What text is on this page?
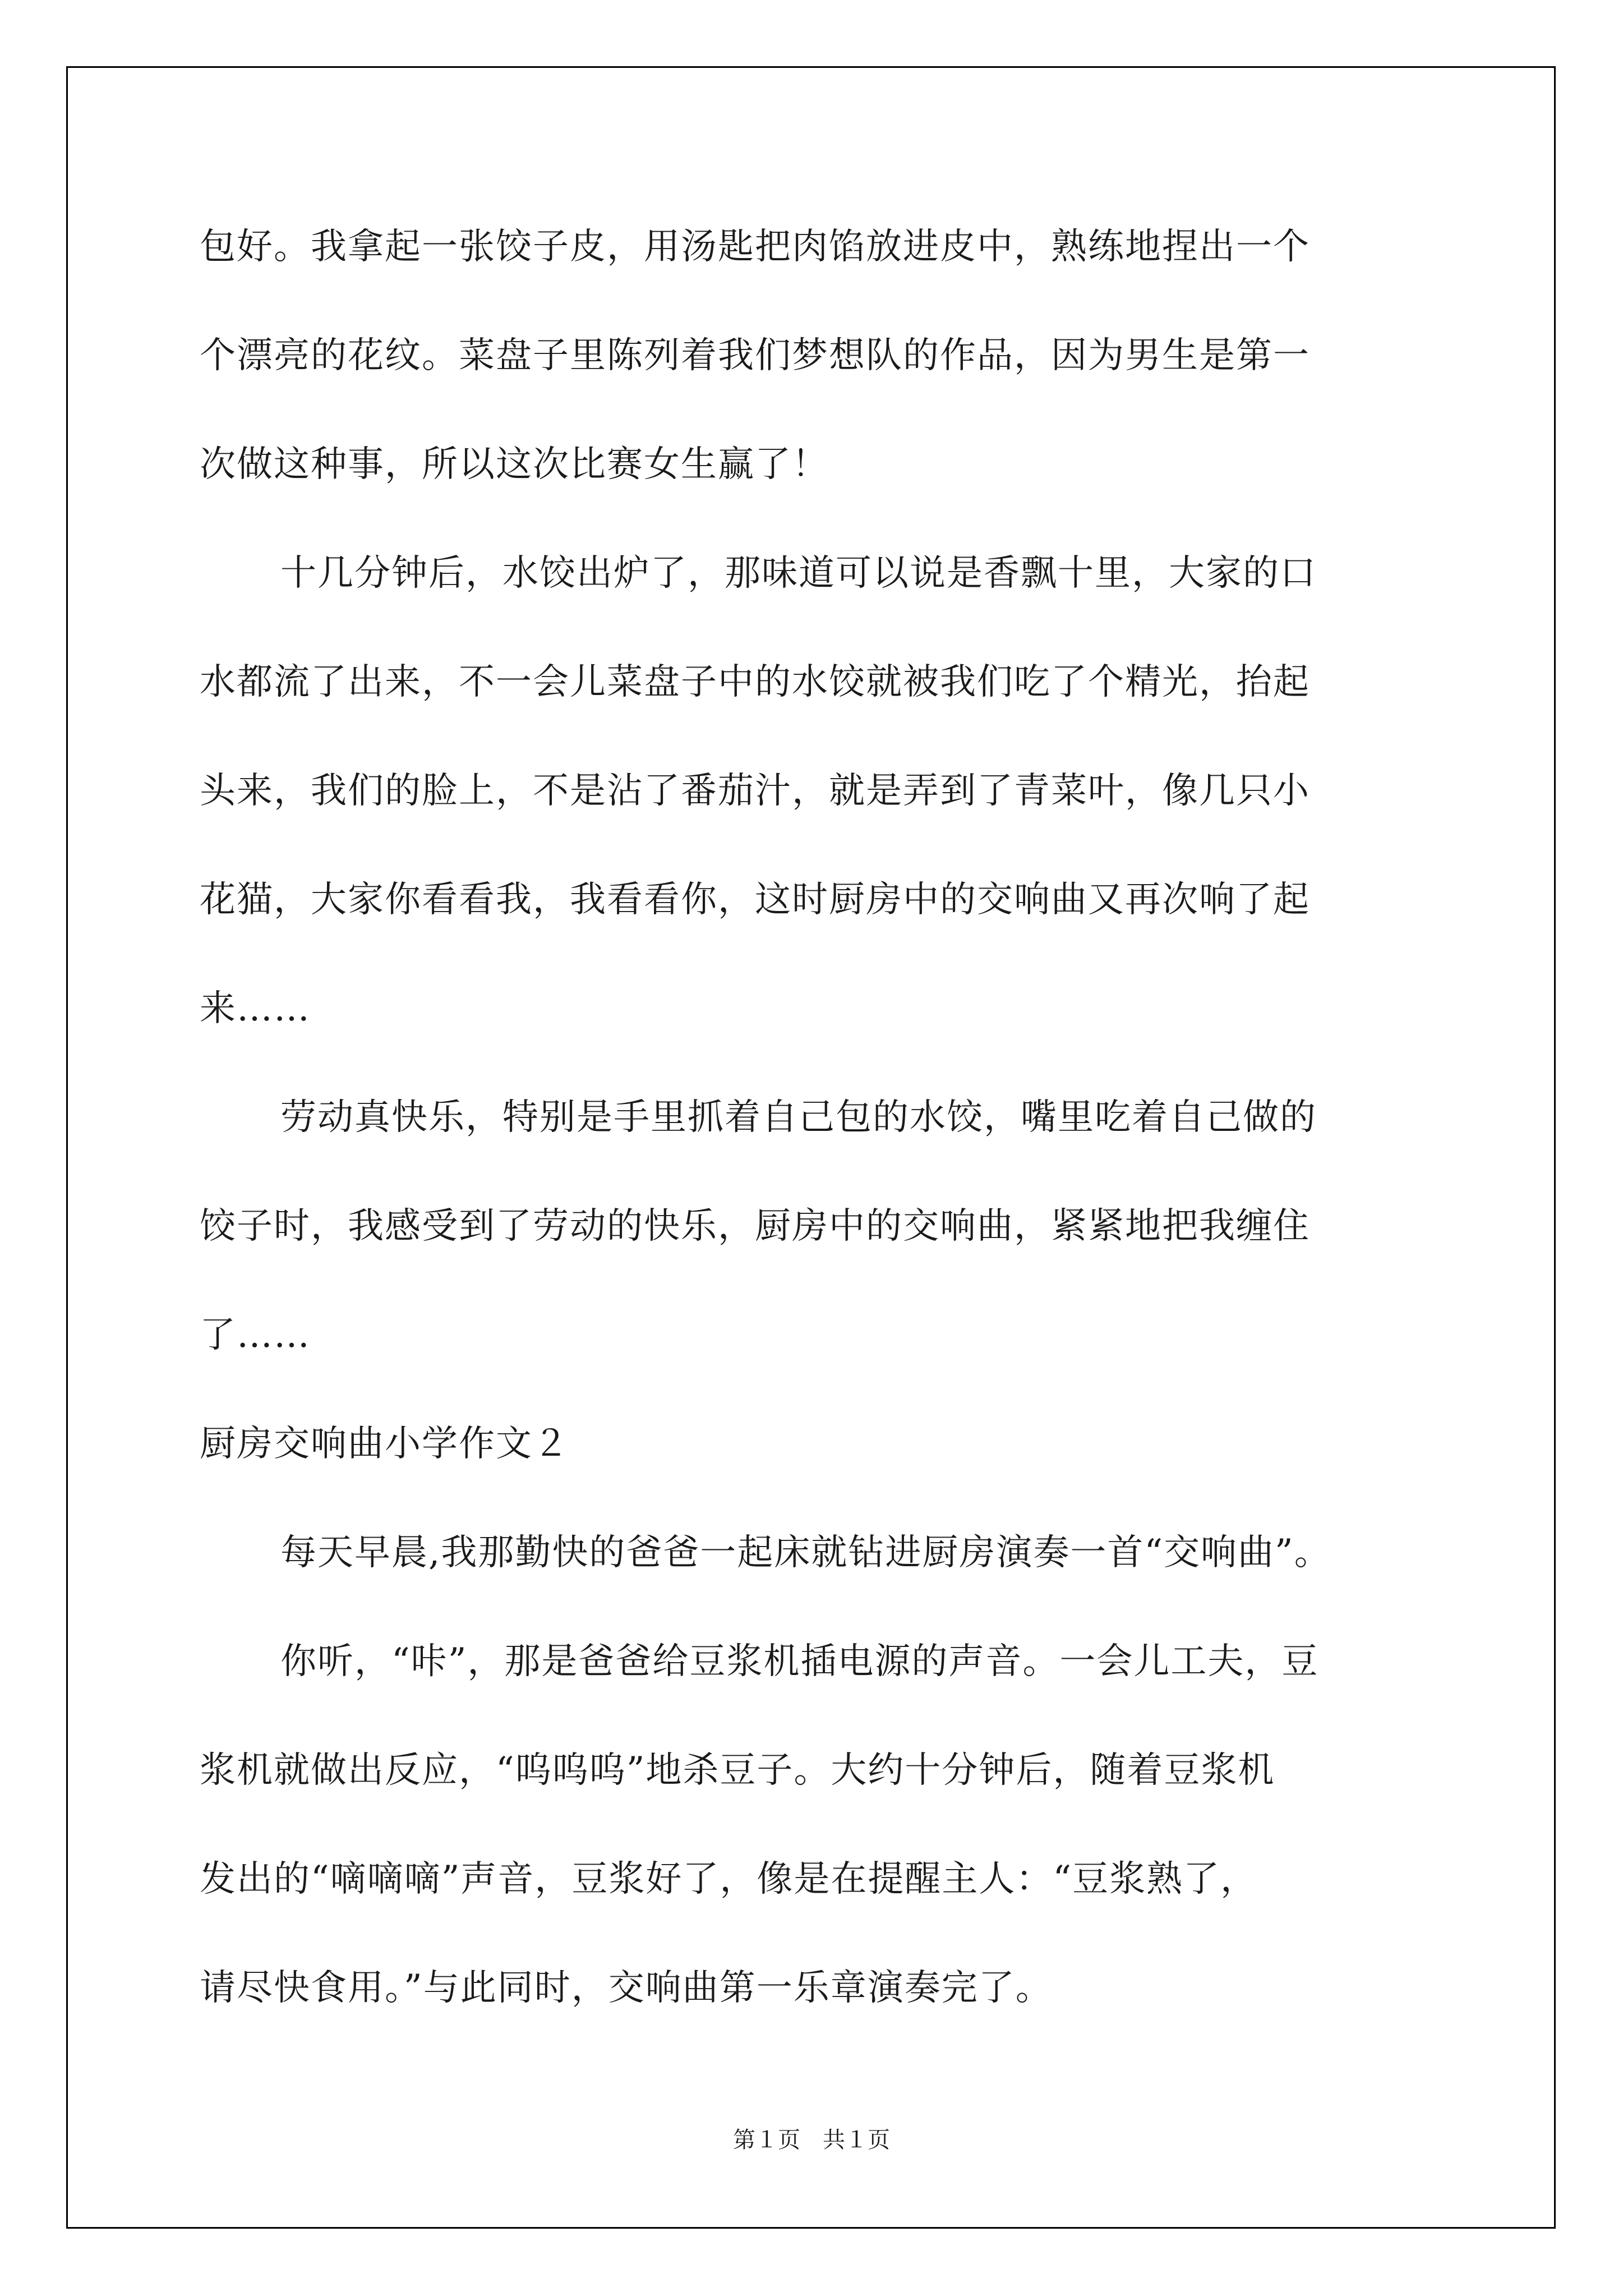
包好。我拿起一张饺子皮，用汤匙把肉馅放进皮中，熟练地捏出一个
个漂亮的花纹。菜盘子里陈列着我们梦想队的作品，因为男生是第一
次做这种事，所以这次比赛女生赢了！
十几分钟后，水饺出炉了，那味道可以说是香飘十里，大家的口
水都流了出来，不一会儿菜盘子中的水饺就被我们吃了个精光，抬起
头来，我们的脸上，不是沾了番茄汁，就是弄到了青菜叶，像几只小
花猫，大家你看看我，我看看你，这时厨房中的交响曲又再次响了起
来……
劳动真快乐，特别是手里抓着自己包的水饺，嘴里吃着自己做的
饺子时，我感受到了劳动的快乐，厨房中的交响曲，紧紧地把我缠住
了……
厨房交响曲小学作文２
每天早晨,我那勤快的爸爸一起床就钻进厨房演奏一首“交响曲”。
你听，“咔”，那是爸爸给豆浆机插电源的声音。一会儿工夫，豆
浆机就做出反应，“呜呜呜”地杀豆子。大约十分钟后，随着豆浆机
发出的“嘀嘀嘀”声音，豆浆好了，像是在提醒主人：“豆浆熟了，
请尽快食用。”与此同时，交响曲第一乐章演奏完了。
第１页　共１页
